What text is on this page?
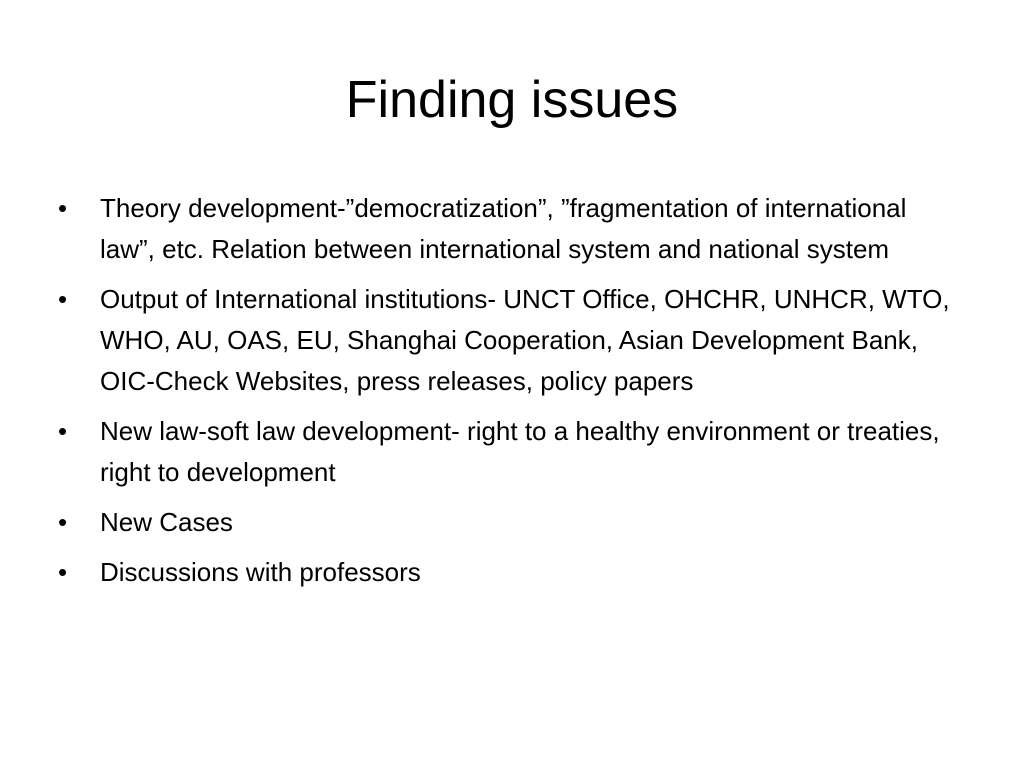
Finding issues
• Theory development-”democratization”, ”fragmentation of international law”, etc. Relation between international system and national system
• Output of International institutions- UNCT Office, OHCHR, UNHCR, WTO, WHO, AU, OAS, EU, Shanghai Cooperation, Asian Development Bank, OIC-Check Websites, press releases, policy papers
• New law-soft law development- right to a healthy environment or treaties, right to development
• New Cases
• Discussions with professors
